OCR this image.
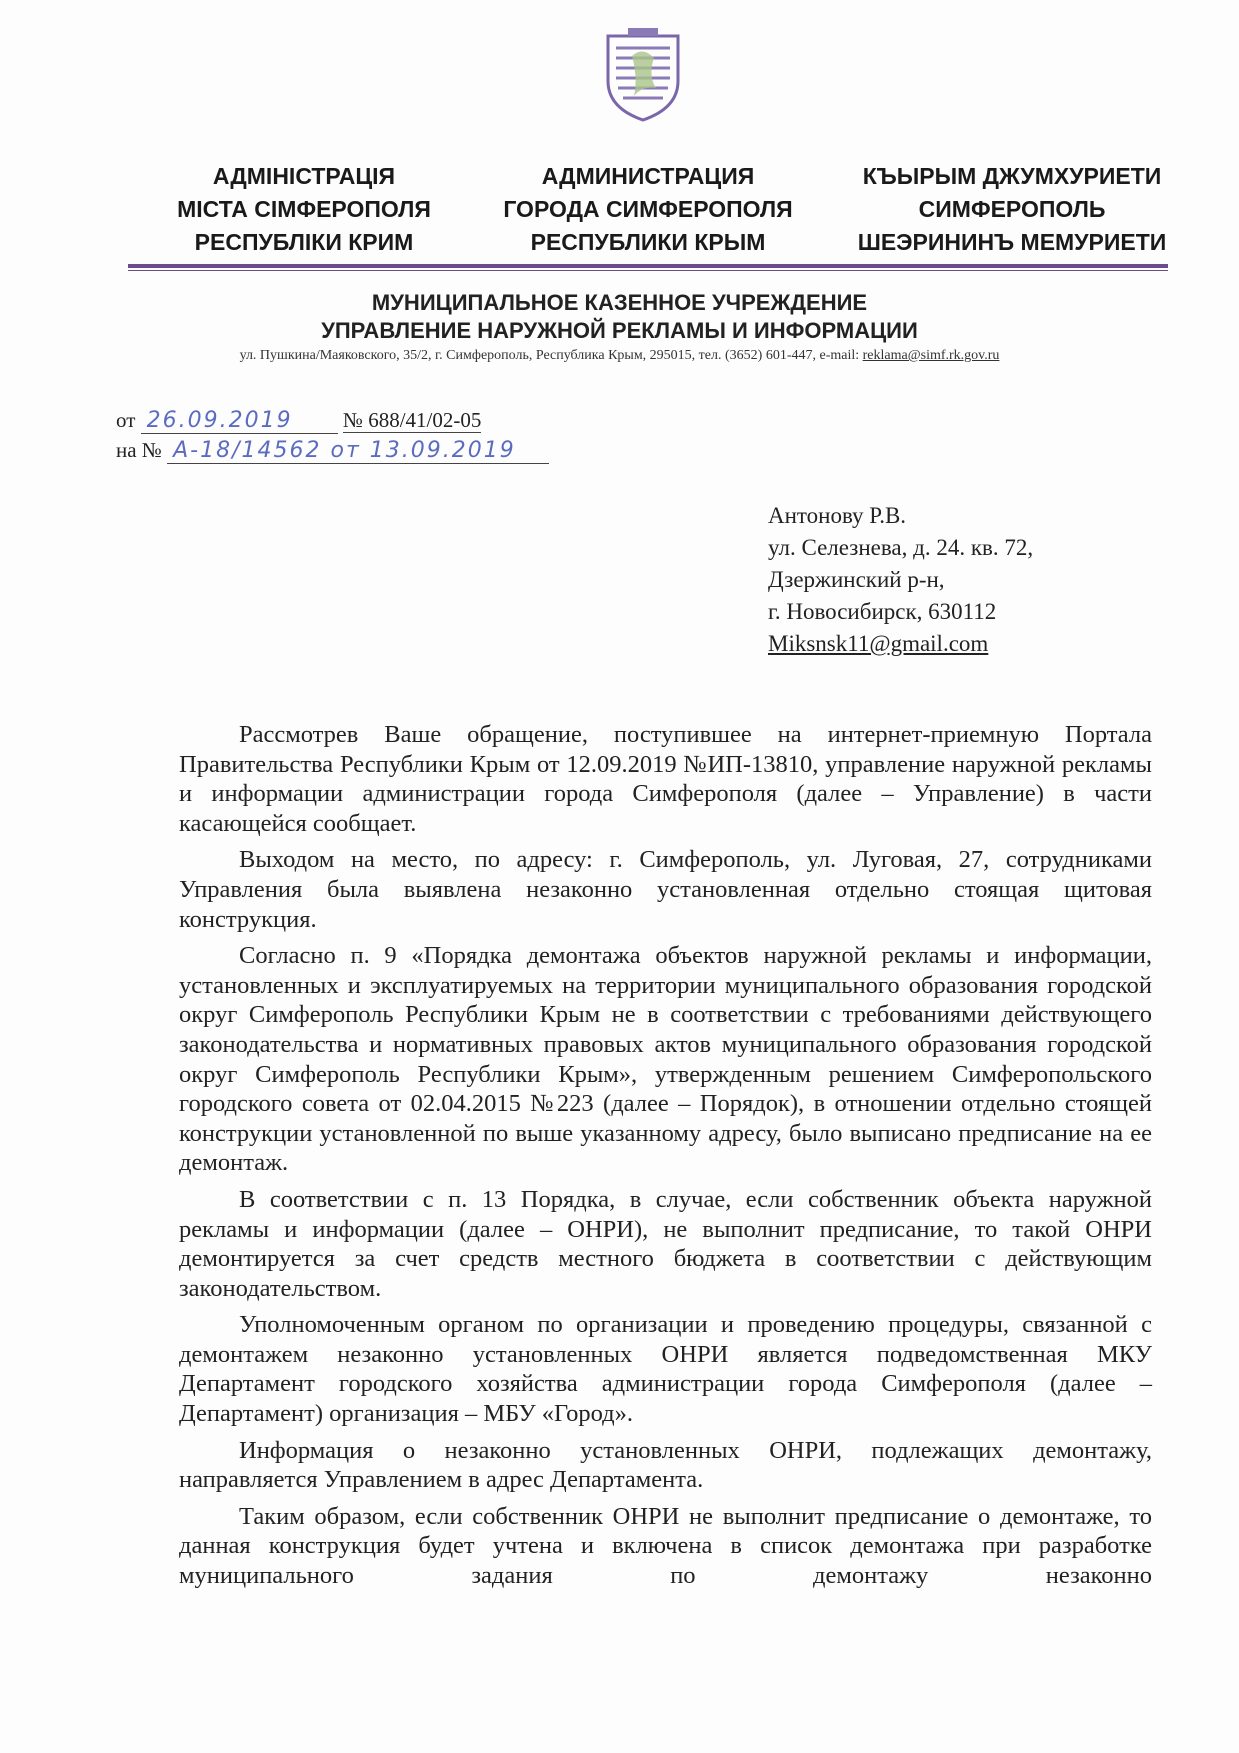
АДМІНІСТРАЦІЯ
МІСТА СІМФЕРОПОЛЯ
РЕСПУБЛІКИ КРИМ
АДМИНИСТРАЦИЯ
ГОРОДА СИМФЕРОПОЛЯ
РЕСПУБЛИКИ КРЫМ
КЪЫРЫМ ДЖУМХУРИЕТИ
СИМФЕРОПОЛЬ
ШЕЭРИНИНЪ МЕМУРИЕТИ
МУНИЦИПАЛЬНОЕ КАЗЕННОЕ УЧРЕЖДЕНИЕ
УПРАВЛЕНИЕ НАРУЖНОЙ РЕКЛАМЫ И ИНФОРМАЦИИ
ул. Пушкина/Маяковского, 35/2, г. Симферополь, Республика Крым, 295015, тел. (3652) 601-447, e-mail: reklama@simf.rk.gov.ru
от 26.09.2019 № 688/41/02-05
на № А-18/14562 от 13.09.2019
Антонову Р.В.
ул. Селезнева, д. 24. кв. 72,
Дзержинский р-н,
г. Новосибирск, 630112
Miksnsk11@gmail.com

Рассмотрев Ваше обращение, поступившее на интернет-приемную Портала Правительства Республики Крым от 12.09.2019 №ИП-13810, управление наружной рекламы и информации администрации города Симферополя (далее – Управление) в части касающейся сообщает.

Выходом на место, по адресу: г. Симферополь, ул. Луговая, 27, сотрудниками Управления была выявлена незаконно установленная отдельно стоящая щитовая конструкция.

Согласно п. 9 «Порядка демонтажа объектов наружной рекламы и информации, установленных и эксплуатируемых на территории муниципального образования городской округ Симферополь Республики Крым не в соответствии с требованиями действующего законодательства и нормативных правовых актов муниципального образования городской округ Симферополь Республики Крым», утвержденным решением Симферопольского городского совета от 02.04.2015 №223 (далее – Порядок), в отношении отдельно стоящей конструкции установленной по выше указанному адресу, было выписано предписание на ее демонтаж.

В соответствии с п. 13 Порядка, в случае, если собственник объекта наружной рекламы и информации (далее – ОНРИ), не выполнит предписание, то такой ОНРИ демонтируется за счет средств местного бюджета в соответствии с действующим законодательством.

Уполномоченным органом по организации и проведению процедуры, связанной с демонтажем незаконно установленных ОНРИ является подведомственная МКУ Департамент городского хозяйства администрации города Симферополя (далее – Департамент) организация – МБУ «Город».

Информация о незаконно установленных ОНРИ, подлежащих демонтажу, направляется Управлением в адрес Департамента.

Таким образом, если собственник ОНРИ не выполнит предписание о демонтаже, то данная конструкция будет учтена и включена в список демонтажа при разработке муниципального задания по демонтажу незаконно
